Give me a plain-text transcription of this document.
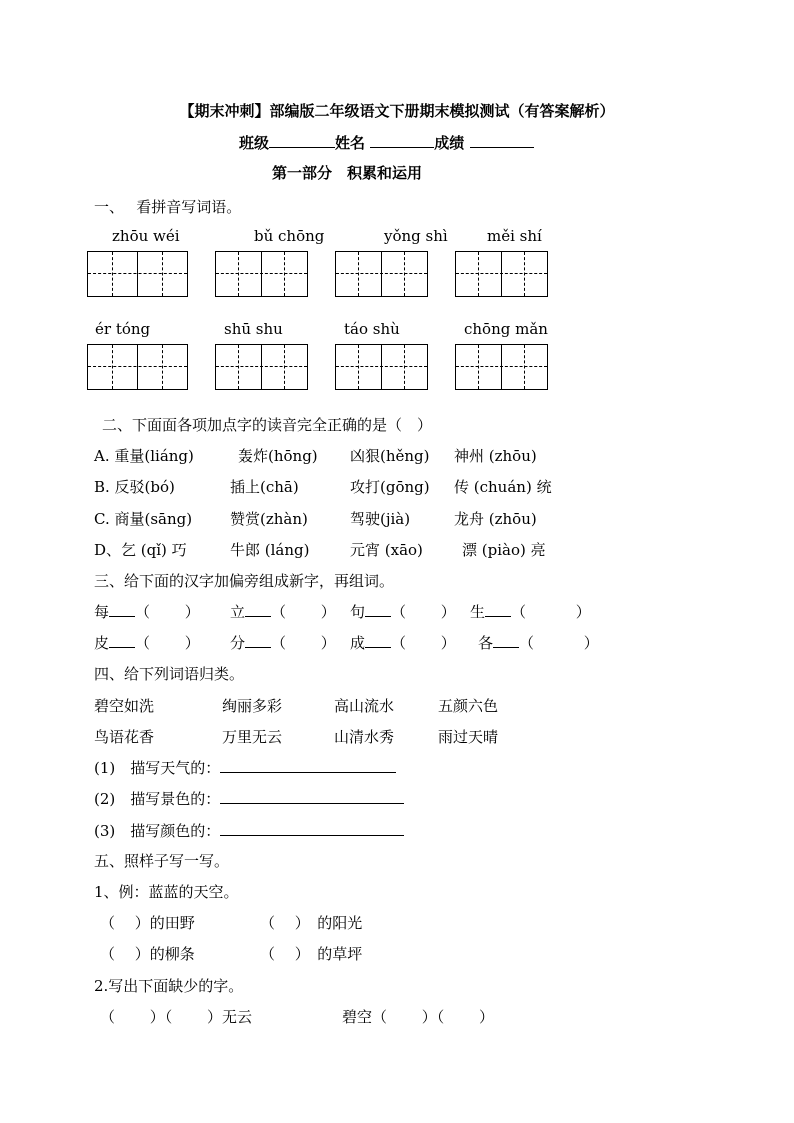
【期末冲刺】部编版二年级语文下册期末模拟测试（有答案解析）
班级	姓名	成绩
第一部分　积累和运用
一、　 看拼音写词语。
zhōu wéi	bǔ chōng	yǒng shì	měi shí
ér tóng	shū shu	táo shù	chōng mǎn
二、下面面各项加点字的读音完全正确的是（　）
A. 重量(liáng)	轰炸(hōng) 凶狠(hěng) 神州 (zhōu)
B. 反驳(bó)	插上(chā)	攻打(gōng) 传 (chuán) 统
C. 商量(sāng)	赞赏(zhàn)	驾驶(jià)	龙舟 (zhōu)
D、乞 (qǐ) 巧	牛郎 (láng)	元宵 (xāo)	漂 (piào) 亮
三、给下面的汉字加偏旁组成新字，再组词。
每 （　　 ） 立 （　　 ） 句 （　　 ） 生 （　　　 ）
皮 （　　 ） 分 （　　 ） 成 （　　 ） 各 （　　　 ）
四、给下列词语归类。
碧空如洗	绚丽多彩	高山流水	五颜六色
鸟语花香	万里无云	山清水秀	雨过天晴
(1)　描写天气的：
(2)　描写景色的：
(3)　描写颜色的：
五、照样子写一写。
1、例：蓝蓝的天空。
（　 ）的田野	（　 ）　的阳光
（　 ）的柳条	（　 ）　的草坪
2.写出下面缺少的字。
（　　 ）（　　 ）无云	碧空（　　 ）（　　 ）
